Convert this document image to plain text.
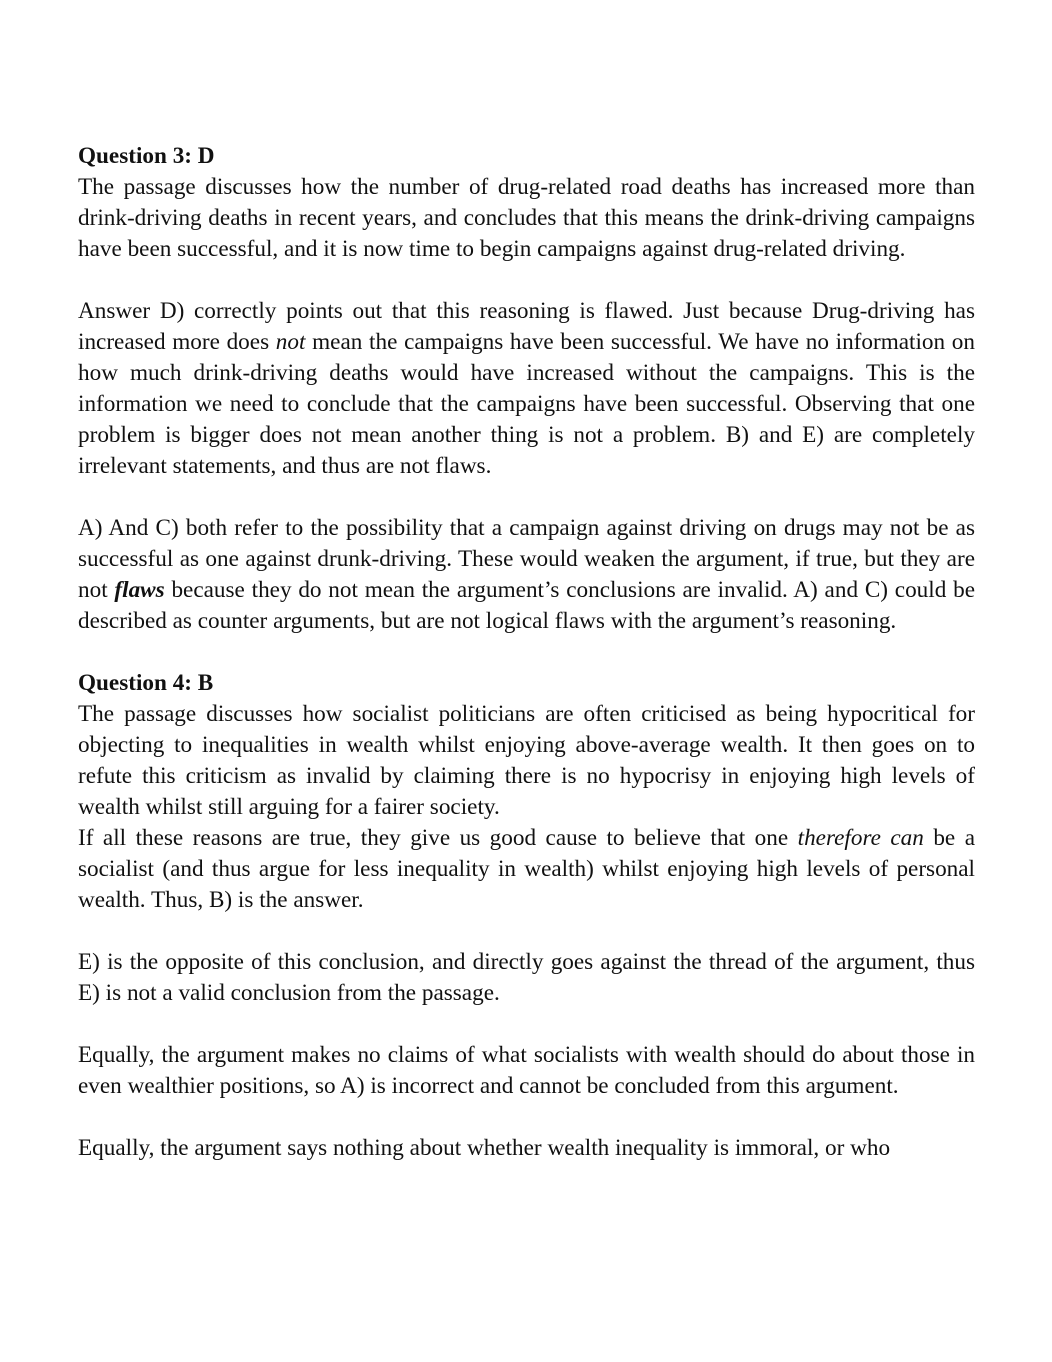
Question 3: D

The passage discusses how the number of drug-related road deaths has increased more than drink-driving deaths in recent years, and concludes that this means the drink-driving campaigns have been successful, and it is now time to begin campaigns against drug-related driving.

Answer D) correctly points out that this reasoning is flawed. Just because Drug-driving has increased more does not mean the campaigns have been successful. We have no information on how much drink-driving deaths would have increased without the campaigns. This is the information we need to conclude that the campaigns have been successful. Observing that one problem is bigger does not mean another thing is not a problem. B) and E) are completely irrelevant statements, and thus are not flaws.

A) And C) both refer to the possibility that a campaign against driving on drugs may not be as successful as one against drunk-driving. These would weaken the argument, if true, but they are not flaws because they do not mean the argument’s conclusions are invalid. A) and C) could be described as counter arguments, but are not logical flaws with the argument’s reasoning.

Question 4: B

The passage discusses how socialist politicians are often criticised as being hypocritical for objecting to inequalities in wealth whilst enjoying above-average wealth. It then goes on to refute this criticism as invalid by claiming there is no hypocrisy in enjoying high levels of wealth whilst still arguing for a fairer society.

If all these reasons are true, they give us good cause to believe that one therefore can be a socialist (and thus argue for less inequality in wealth) whilst enjoying high levels of personal wealth. Thus, B) is the answer.

E) is the opposite of this conclusion, and directly goes against the thread of the argument, thus E) is not a valid conclusion from the passage.

Equally, the argument makes no claims of what socialists with wealth should do about those in even wealthier positions, so A) is incorrect and cannot be concluded from this argument.

Equally, the argument says nothing about whether wealth inequality is immoral, or who
